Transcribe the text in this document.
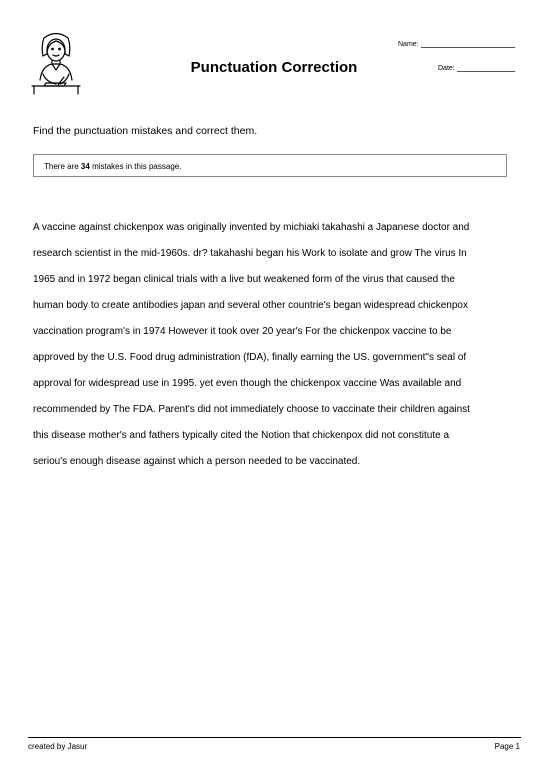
Punctuation Correction
Name:
Date:
Find the punctuation mistakes and correct them.
There are 34 mistakes in this passage.
A vaccine against chickenpox was originally invented by michiaki takahashi a Japanese doctor and
research scientist in the mid-1960s. dr? takahashi began his Work to isolate and grow The virus In
1965 and in 1972 began clinical trials with a live but weakened form of the virus that caused the
human body to create antibodies japan and several other countrie's began widespread chickenpox
vaccination program's in 1974 However it took over 20 year's For the chickenpox vaccine to be
approved by the U.S. Food drug administration (fDA), finally earning the US. government"s seal of
approval for widespread use in 1995. yet even though the chickenpox vaccine Was available and
recommended by The FDA. Parent's did not immediately choose to vaccinate their children against
this disease mother's and fathers typically cited the Notion that chickenpox did not constitute a
seriou's enough disease against which a person needed to be vaccinated.
created by Jasur	Page 1
